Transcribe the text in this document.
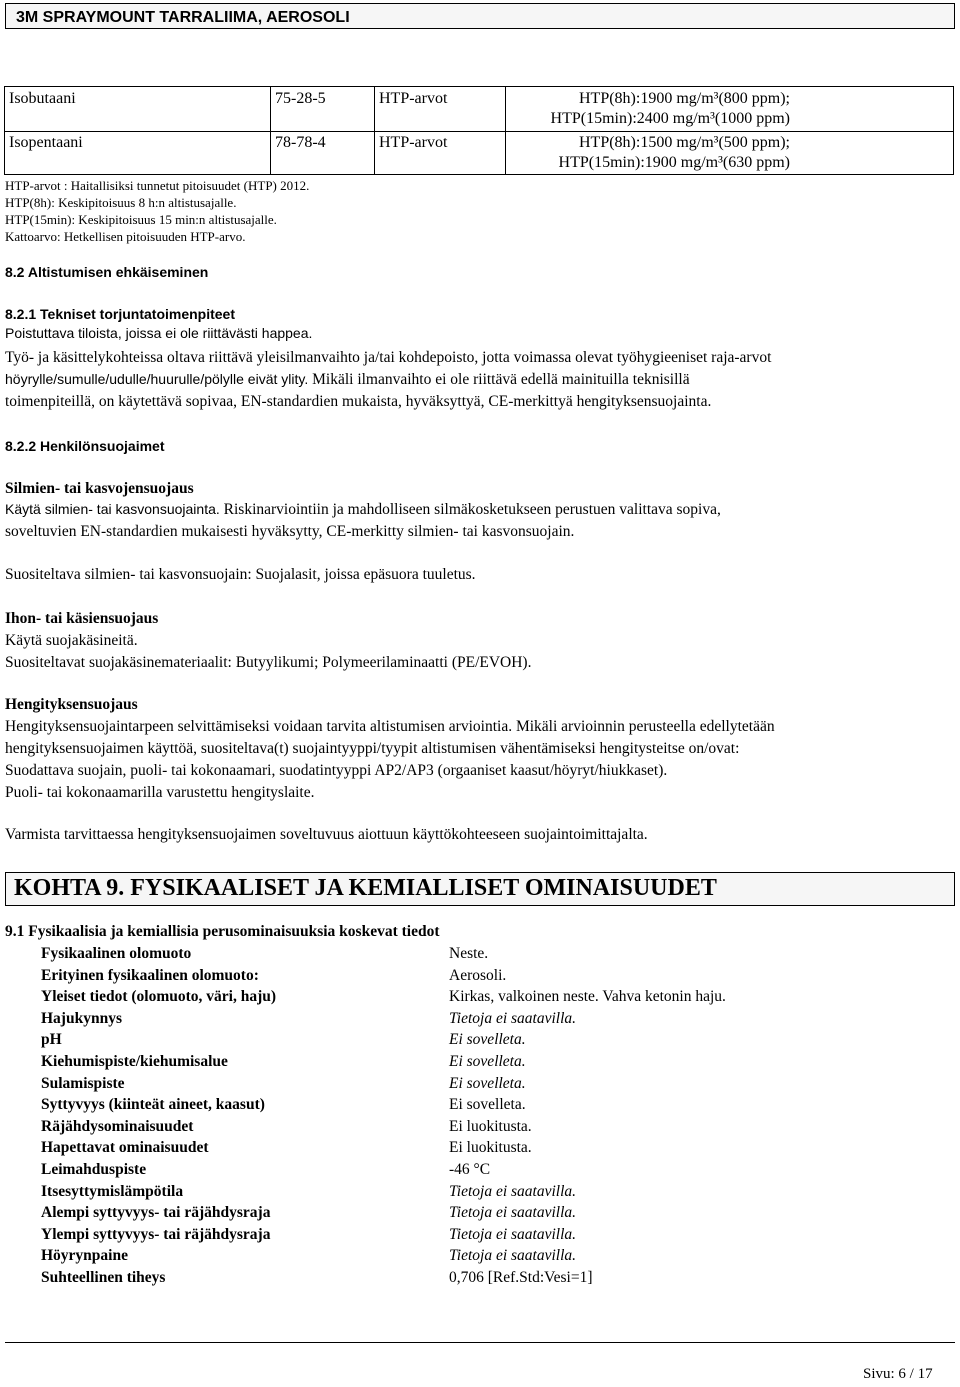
3M SPRAYMOUNT TARRALIIMA, AEROSOLI
Isobutaani	75-28-5	HTP-arvot	HTP(8h):1900 mg/m³(800 ppm);
HTP(15min):2400 mg/m³(1000 ppm)
Isopentaani	78-78-4	HTP-arvot	HTP(8h):1500 mg/m³(500 ppm);
HTP(15min):1900 mg/m³(630 ppm)
HTP-arvot : Haitallisiksi tunnetut pitoisuudet (HTP) 2012.
HTP(8h): Keskipitoisuus 8 h:n altistusajalle.
HTP(15min): Keskipitoisuus 15 min:n altistusajalle.
Kattoarvo: Hetkellisen pitoisuuden HTP-arvo.
8.2 Altistumisen ehkäiseminen
8.2.1 Tekniset torjuntatoimenpiteet
Poistuttava tiloista, joissa ei ole riittävästi happea.
Työ- ja käsittelykohteissa oltava riittävä yleisilmanvaihto ja/tai kohdepoisto, jotta voimassa olevat työhygieeniset raja-arvot
höyrylle/sumulle/udulle/huurulle/pölylle eivät ylity. Mikäli ilmanvaihto ei ole riittävä edellä mainituilla teknisillä
toimenpiteillä, on käytettävä sopivaa, EN-standardien mukaista, hyväksyttyä, CE-merkittyä hengityksensuojainta.
8.2.2 Henkilönsuojaimet
Silmien- tai kasvojensuojaus
Käytä silmien- tai kasvonsuojainta. Riskinarviointiin ja mahdolliseen silmäkosketukseen perustuen valittava sopiva,
soveltuvien EN-standardien mukaisesti hyväksytty, CE-merkitty silmien- tai kasvonsuojain.
Suositeltava silmien- tai kasvonsuojain: Suojalasit, joissa epäsuora tuuletus.
Ihon- tai käsiensuojaus
Käytä suojakäsineitä.
Suositeltavat suojakäsinemateriaalit: Butyylikumi; Polymeerilaminaatti (PE/EVOH).
Hengityksensuojaus
Hengityksensuojaintarpeen selvittämiseksi voidaan tarvita altistumisen arviointia. Mikäli arvioinnin perusteella edellytetään
hengityksensuojaimen käyttöä, suositeltava(t) suojaintyyppi/tyypit altistumisen vähentämiseksi hengitysteitse on/ovat:
Suodattava suojain, puoli- tai kokonaamari, suodatintyyppi AP2/AP3 (orgaaniset kaasut/höyryt/hiukkaset).
Puoli- tai kokonaamarilla varustettu hengityslaite.
Varmista tarvittaessa hengityksensuojaimen soveltuvuus aiottuun käyttökohteeseen suojaintoimittajalta.
KOHTA 9. FYSIKAALISET JA KEMIALLISET OMINAISUUDET
9.1 Fysikaalisia ja kemiallisia perusominaisuuksia koskevat tiedot
Fysikaalinen olomuoto	Neste.
Erityinen fysikaalinen olomuoto:	Aerosoli.
Yleiset tiedot (olomuoto, väri, haju)	Kirkas, valkoinen neste. Vahva ketonin haju.
Hajukynnys	Tietoja ei saatavilla.
pH	Ei sovelleta.
Kiehumispiste/kiehumisalue	Ei sovelleta.
Sulamispiste	Ei sovelleta.
Syttyvyys (kiinteät aineet, kaasut)	Ei sovelleta.
Räjähdysominaisuudet	Ei luokitusta.
Hapettavat ominaisuudet	Ei luokitusta.
Leimahduspiste	-46 °C
Itsesyttymislämpötila	Tietoja ei saatavilla.
Alempi syttyvyys- tai räjähdysraja	Tietoja ei saatavilla.
Ylempi syttyvyys- tai räjähdysraja	Tietoja ei saatavilla.
Höyrynpaine	Tietoja ei saatavilla.
Suhteellinen tiheys	0,706 [Ref.Std:Vesi=1]
Sivu: 6 / 17
